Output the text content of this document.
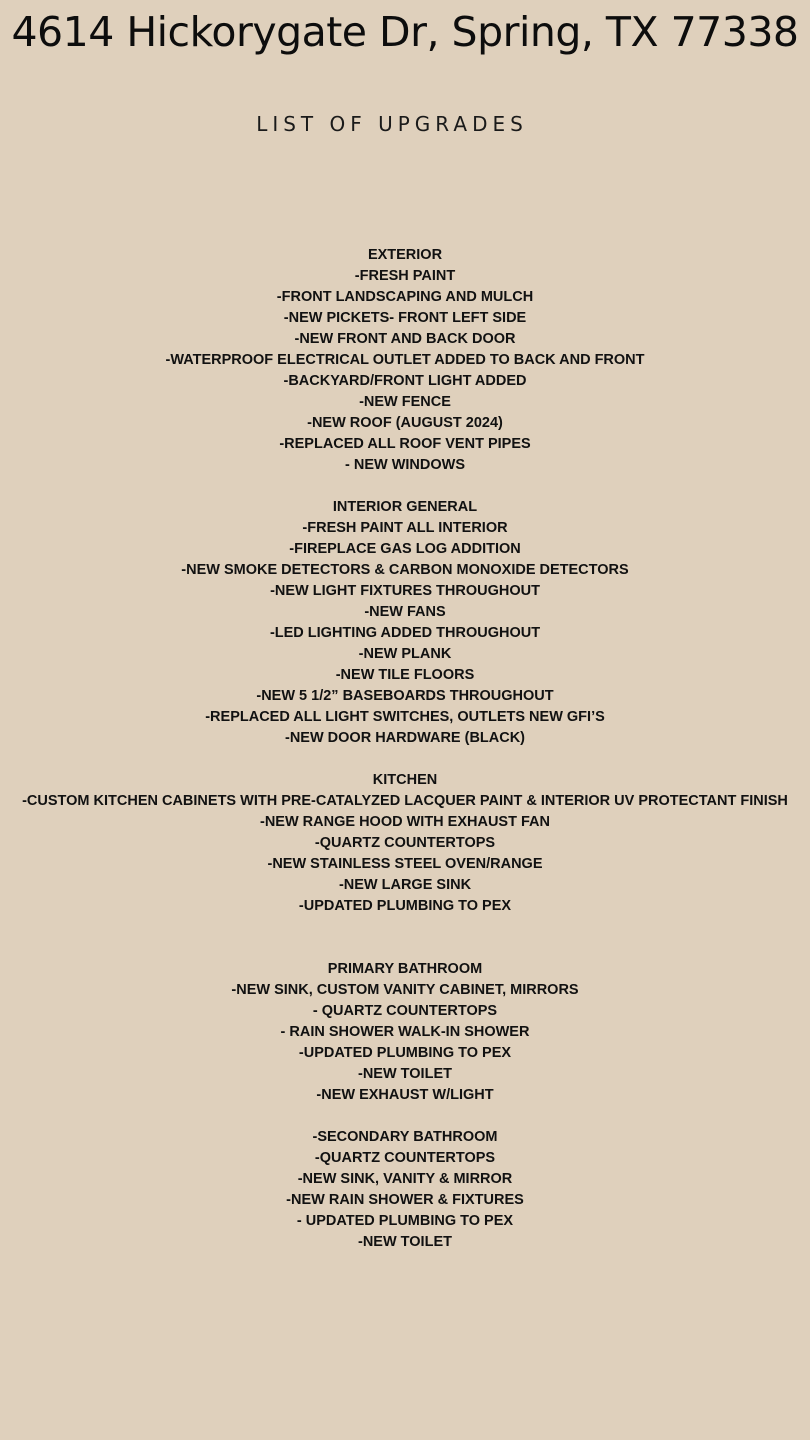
4614 Hickorygate Dr, Spring, TX 77338
LIST OF UPGRADES
EXTERIOR
-FRESH PAINT
-FRONT LANDSCAPING AND MULCH
-NEW PICKETS- FRONT LEFT SIDE
-NEW FRONT AND BACK DOOR
-WATERPROOF ELECTRICAL OUTLET ADDED TO BACK AND FRONT
-BACKYARD/FRONT LIGHT ADDED
-NEW FENCE
-NEW ROOF (AUGUST 2024)
-REPLACED ALL ROOF VENT PIPES
- NEW WINDOWS
INTERIOR GENERAL
-FRESH PAINT ALL INTERIOR
-FIREPLACE GAS LOG ADDITION
-NEW SMOKE DETECTORS & CARBON MONOXIDE DETECTORS
-NEW LIGHT FIXTURES THROUGHOUT
-NEW FANS
-LED LIGHTING ADDED THROUGHOUT
-NEW PLANK
-NEW TILE FLOORS
-NEW 5 1/2” BASEBOARDS THROUGHOUT
-REPLACED ALL LIGHT SWITCHES, OUTLETS NEW GFI’S
-NEW DOOR HARDWARE (BLACK)
KITCHEN
-CUSTOM KITCHEN CABINETS WITH PRE-CATALYZED LACQUER PAINT & INTERIOR UV PROTECTANT FINISH
-NEW RANGE HOOD WITH EXHAUST FAN
-QUARTZ COUNTERTOPS
-NEW STAINLESS STEEL OVEN/RANGE
-NEW LARGE SINK
-UPDATED PLUMBING TO PEX
PRIMARY BATHROOM
-NEW SINK, CUSTOM VANITY CABINET, MIRRORS
- QUARTZ COUNTERTOPS
- RAIN SHOWER WALK-IN SHOWER
-UPDATED PLUMBING TO PEX
-NEW TOILET
-NEW EXHAUST W/LIGHT
-SECONDARY BATHROOM
-QUARTZ COUNTERTOPS
-NEW SINK, VANITY & MIRROR
-NEW RAIN SHOWER & FIXTURES
- UPDATED PLUMBING TO PEX
-NEW TOILET
